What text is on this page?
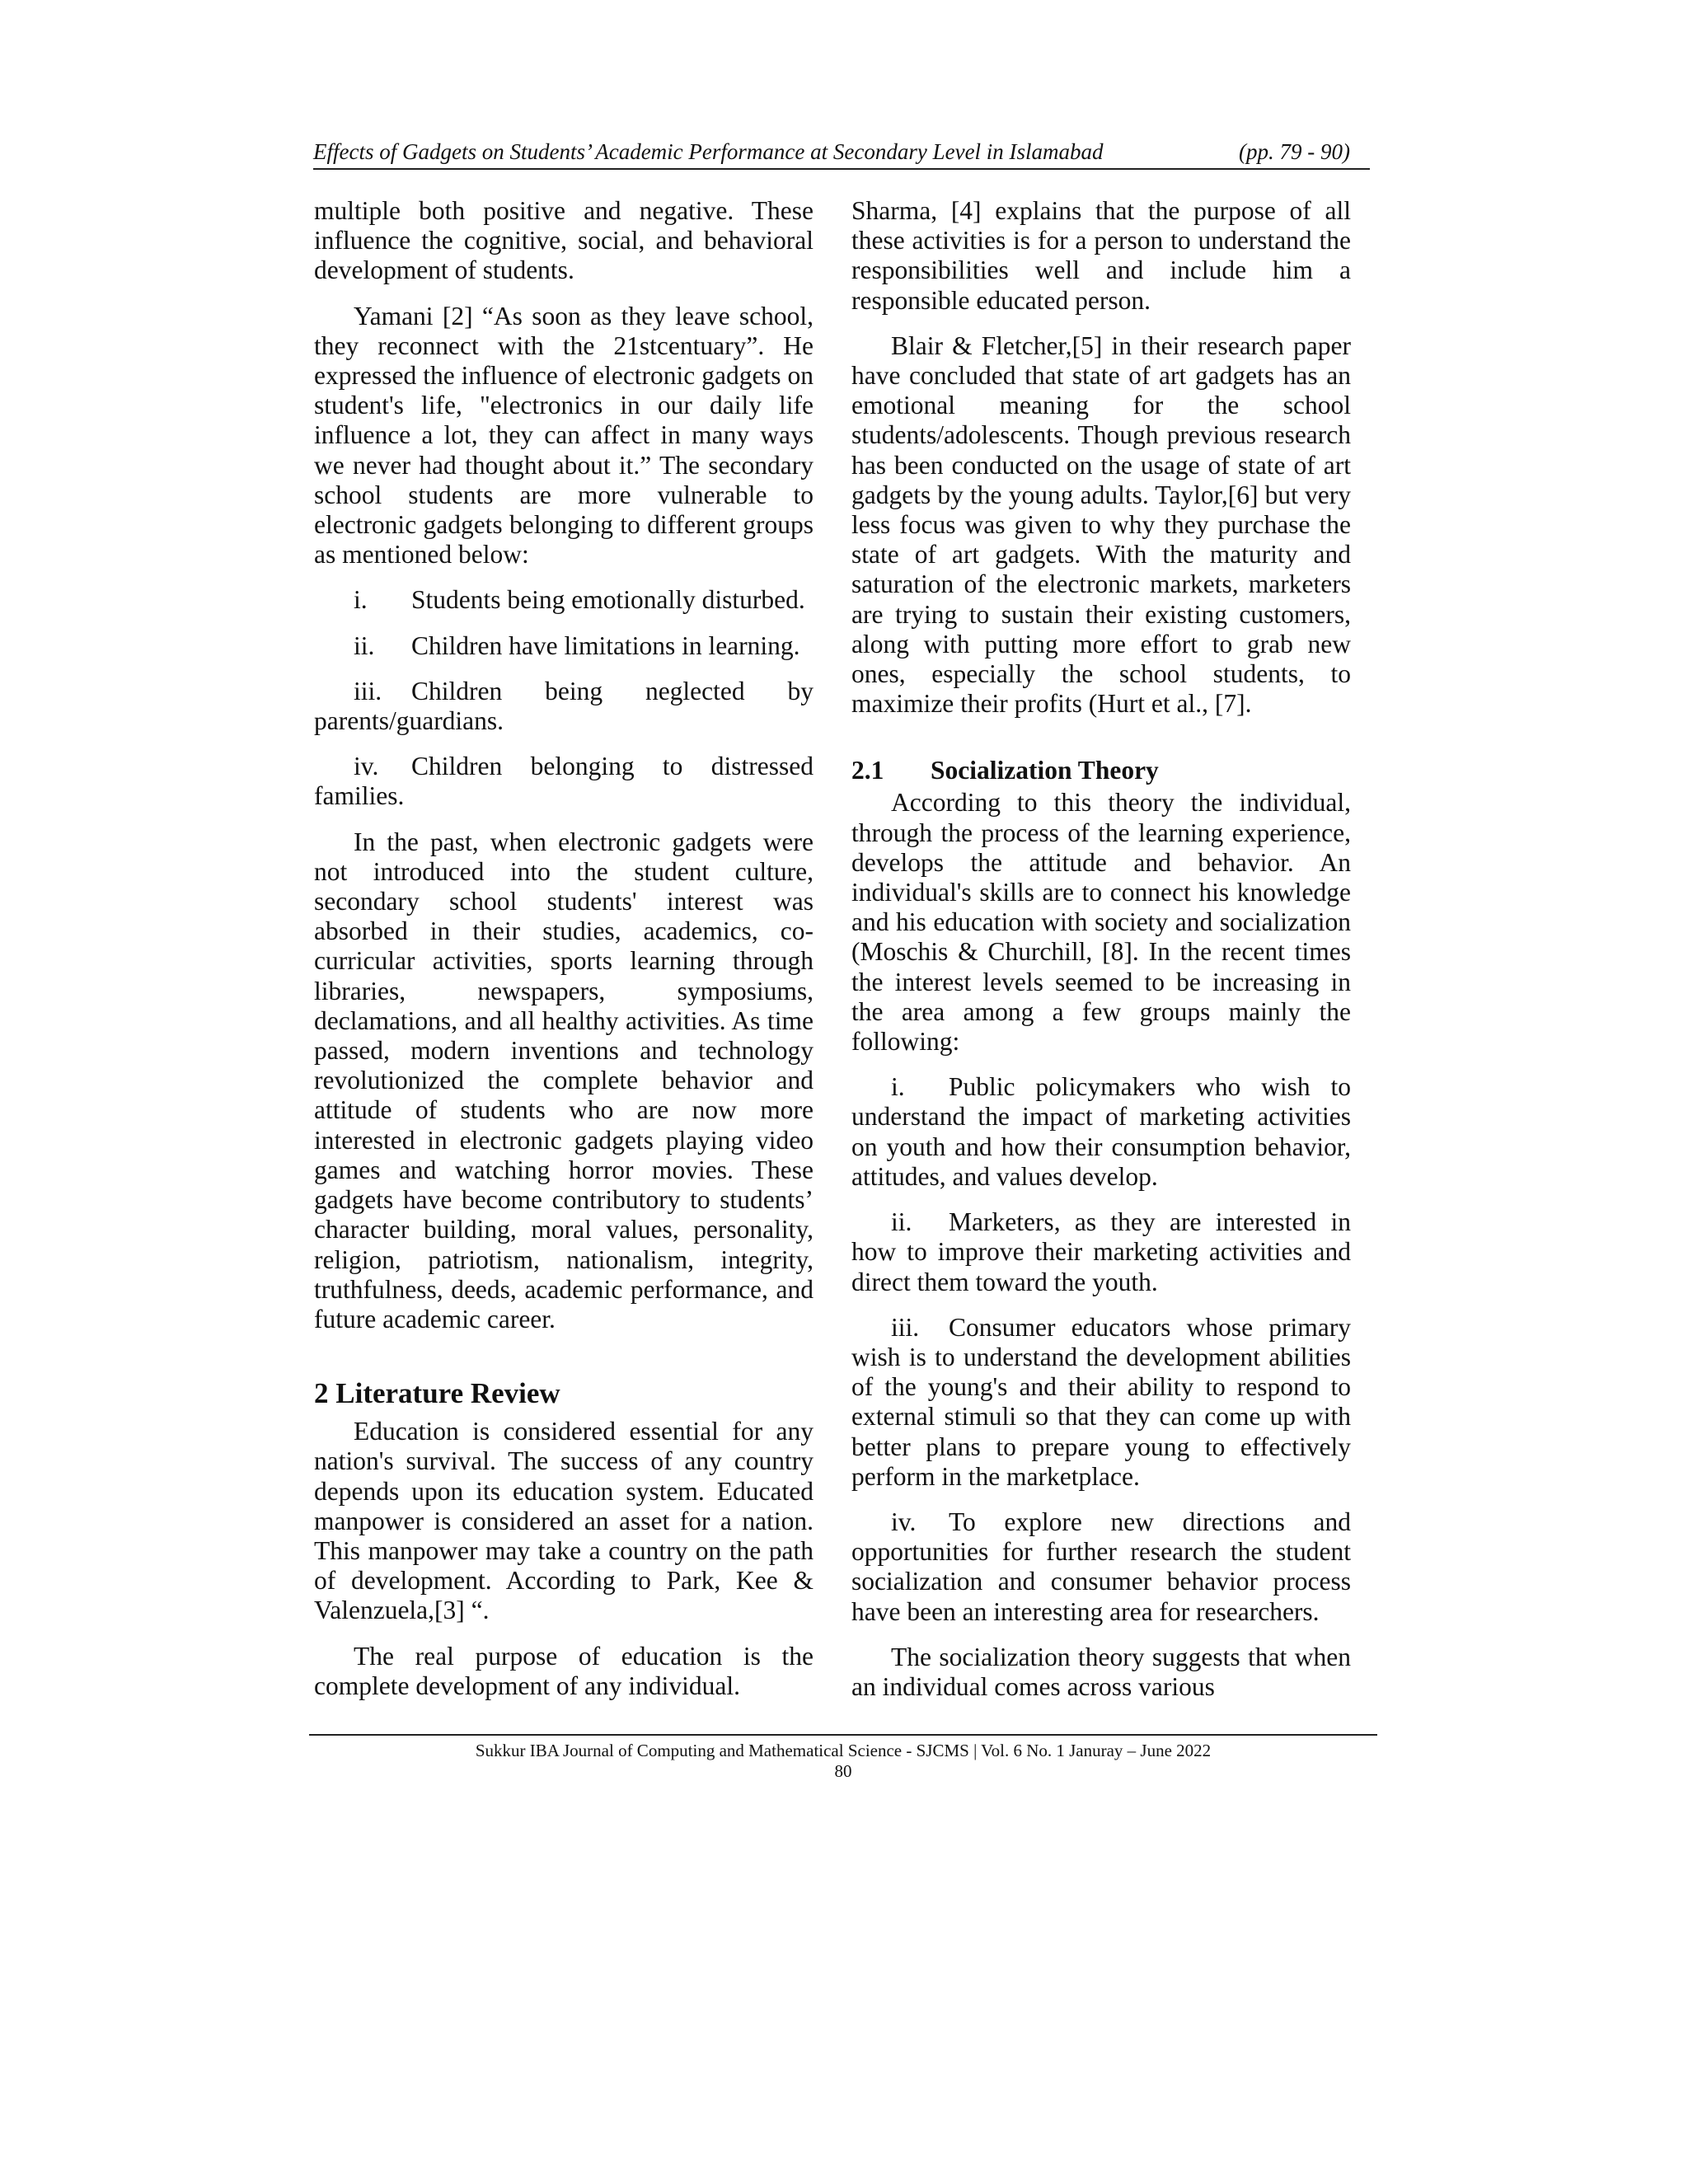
Effects of Gadgets on Students’ Academic Performance at Secondary Level in Islamabad	(pp. 79 - 90)

multiple both positive and negative. These influence the cognitive, social, and behavioral development of students.

Yamani [2] “As soon as they leave school, they reconnect with the 21stcentuary”. He expressed the influence of electronic gadgets on student's life, "electronics in our daily life influence a lot, they can affect in many ways we never had thought about it.” The secondary school students are more vulnerable to electronic gadgets belonging to different groups as mentioned below:

i. Students being emotionally disturbed.

ii. Children have limitations in learning.

iii. Children being neglected by parents/guardians.

iv. Children belonging to distressed families.

In the past, when electronic gadgets were not introduced into the student culture, secondary school students' interest was absorbed in their studies, academics, co-curricular activities, sports learning through libraries, newspapers, symposiums, declamations, and all healthy activities. As time passed, modern inventions and technology revolutionized the complete behavior and attitude of students who are now more interested in electronic gadgets playing video games and watching horror movies. These gadgets have become contributory to students’ character building, moral values, personality, religion, patriotism, nationalism, integrity, truthfulness, deeds, academic performance, and future academic career.

2 Literature Review

Education is considered essential for any nation's survival. The success of any country depends upon its education system. Educated manpower is considered an asset for a nation. This manpower may take a country on the path of development. According to Park, Kee & Valenzuela,[3] “.

The real purpose of education is the complete development of any individual.

Sharma, [4] explains that the purpose of all these activities is for a person to understand the responsibilities well and include him a responsible educated person.

Blair & Fletcher,[5] in their research paper have concluded that state of art gadgets has an emotional meaning for the school students/adolescents. Though previous research has been conducted on the usage of state of art gadgets by the young adults. Taylor,[6] but very less focus was given to why they purchase the state of art gadgets. With the maturity and saturation of the electronic markets, marketers are trying to sustain their existing customers, along with putting more effort to grab new ones, especially the school students, to maximize their profits (Hurt et al., [7].

2.1 Socialization Theory

According to this theory the individual, through the process of the learning experience, develops the attitude and behavior. An individual's skills are to connect his knowledge and his education with society and socialization (Moschis & Churchill, [8]. In the recent times the interest levels seemed to be increasing in the area among a few groups mainly the following:

i. Public policymakers who wish to understand the impact of marketing activities on youth and how their consumption behavior, attitudes, and values develop.

ii. Marketers, as they are interested in how to improve their marketing activities and direct them toward the youth.

iii. Consumer educators whose primary wish is to understand the development abilities of the young's and their ability to respond to external stimuli so that they can come up with better plans to prepare young to effectively perform in the marketplace.

iv. To explore new directions and opportunities for further research the student socialization and consumer behavior process have been an interesting area for researchers.

The socialization theory suggests that when an individual comes across various

Sukkur IBA Journal of Computing and Mathematical Science - SJCMS | Vol. 6 No. 1 Januray – June 2022
80
